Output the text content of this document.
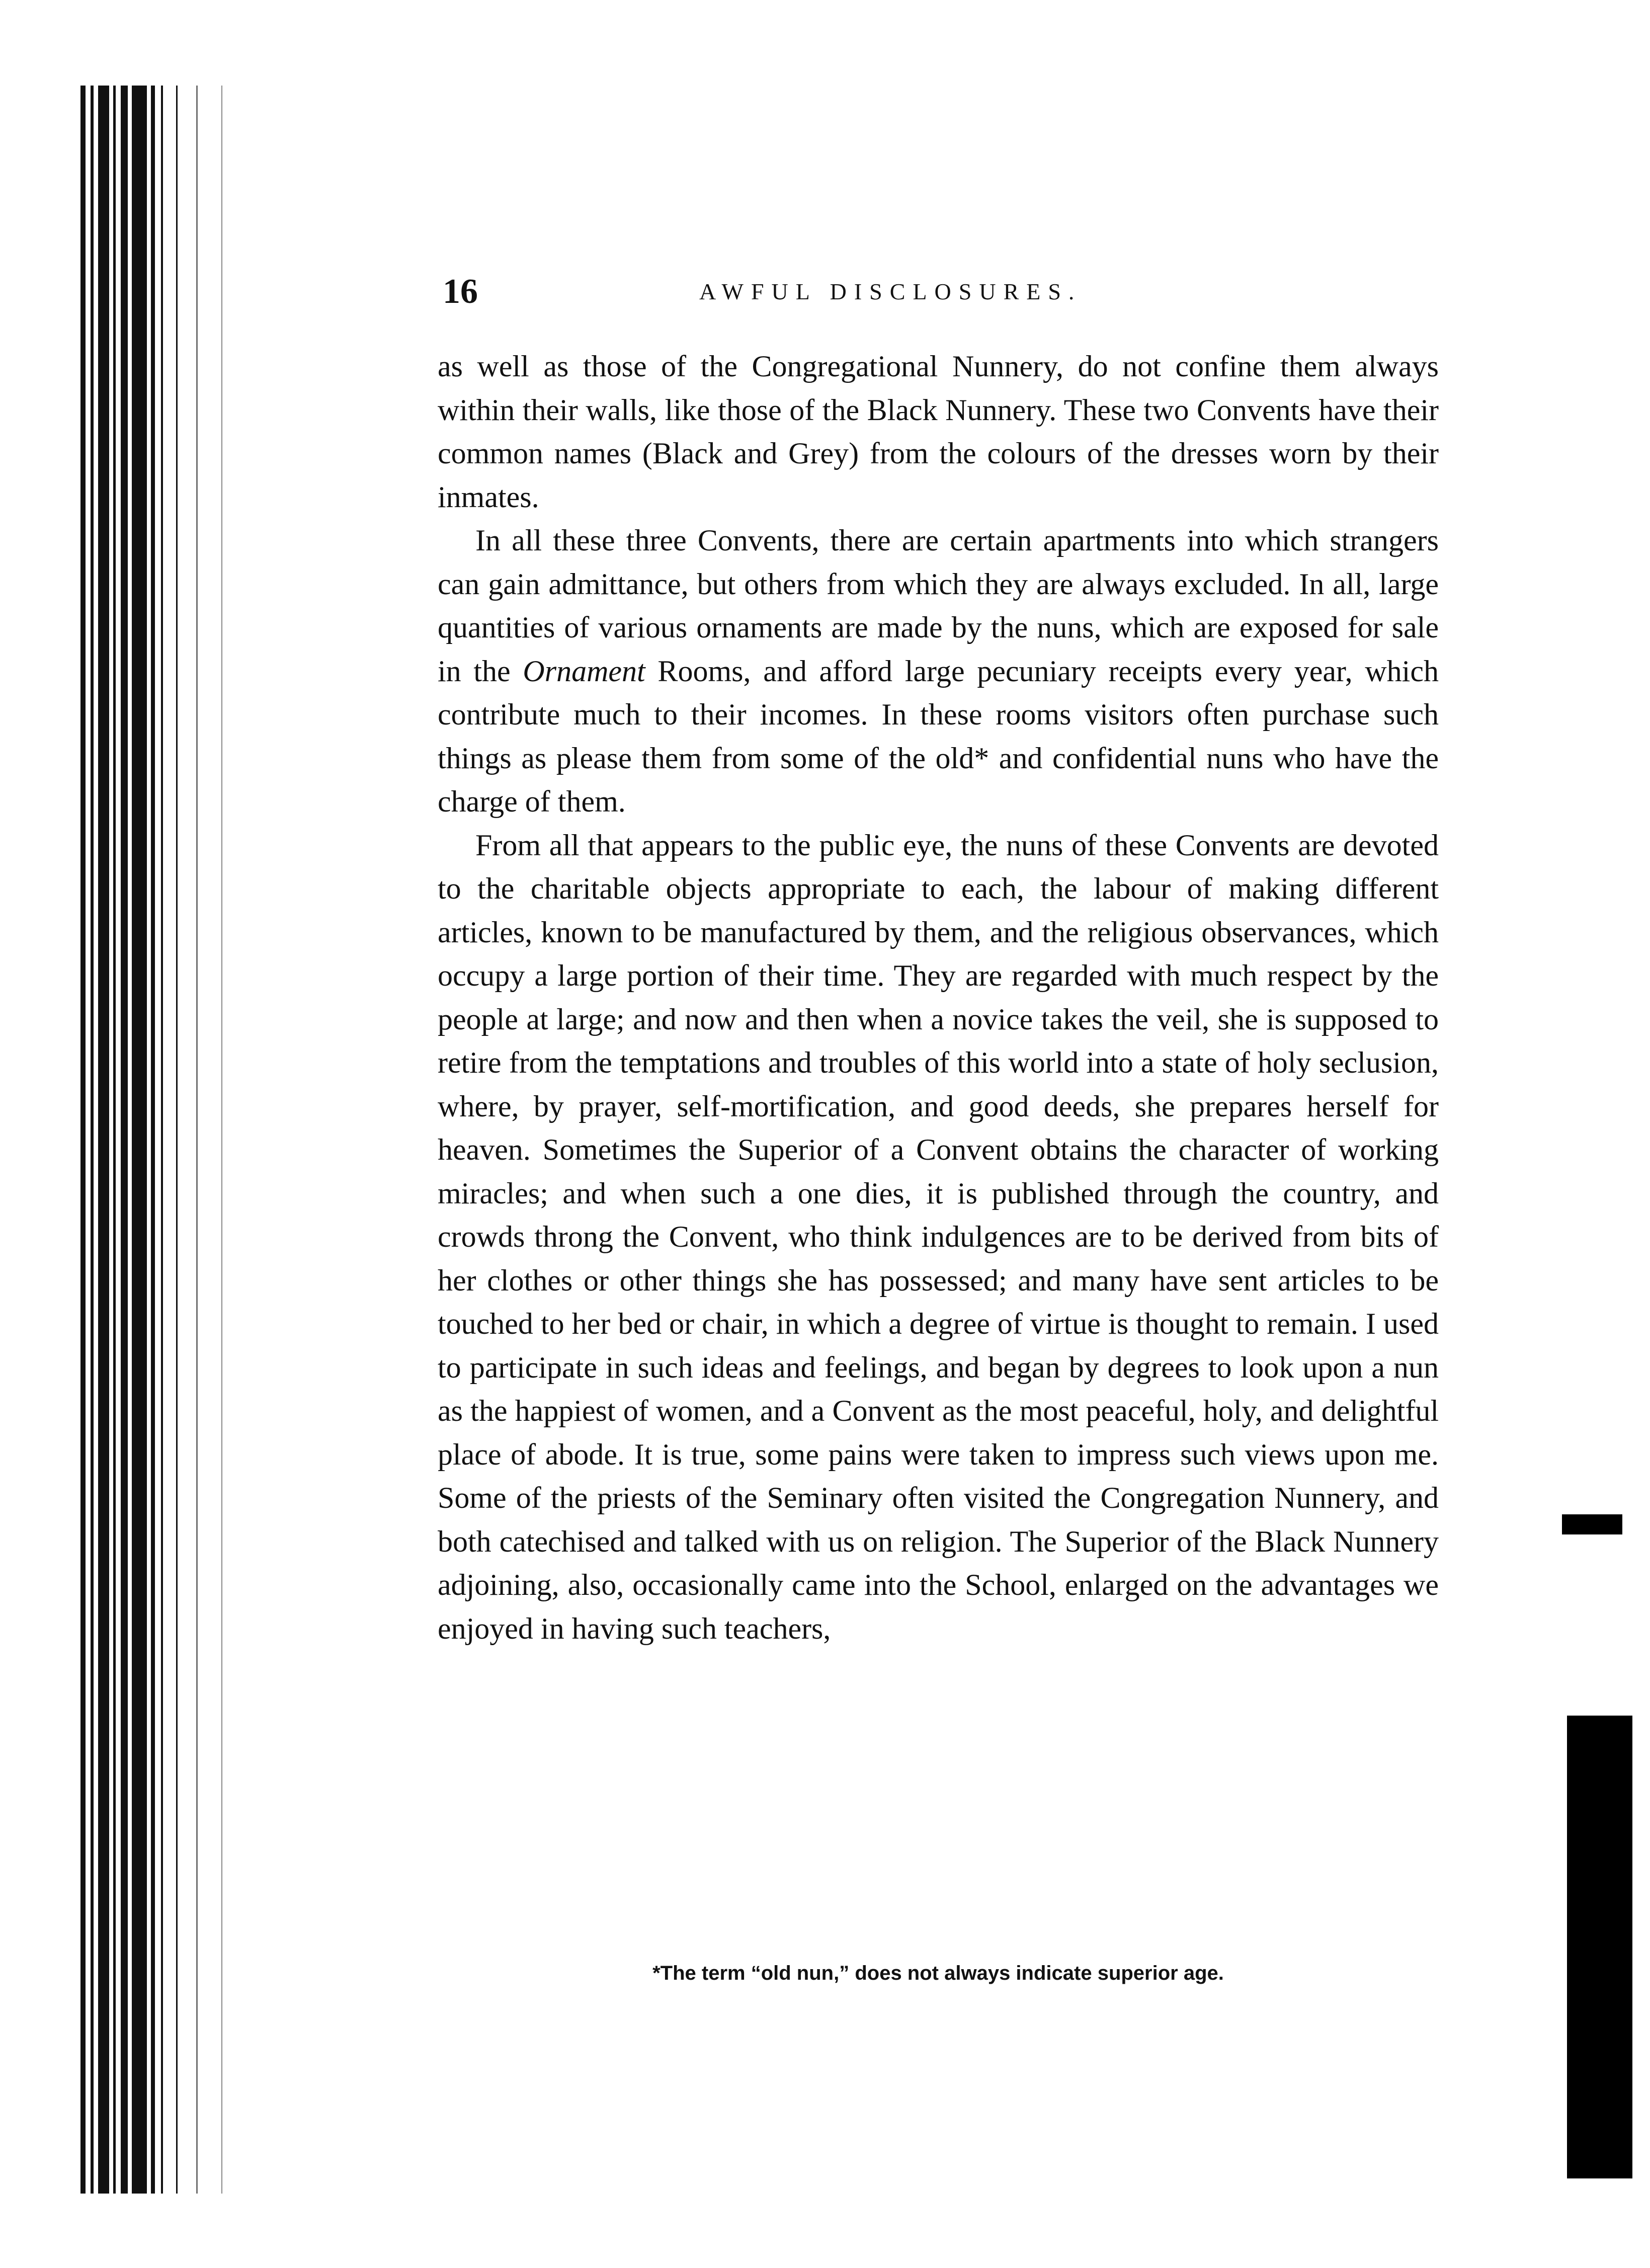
16	AWFUL DISCLOSURES.

as well as those of the Congregational Nunnery, do not confine them always within their walls, like those of the Black Nunnery. These two Convents have their common names (Black and Grey) from the colours of the dresses worn by their inmates.

In all these three Convents, there are certain apartments into which strangers can gain admittance, but others from which they are always excluded. In all, large quantities of various ornaments are made by the nuns, which are exposed for sale in the Ornament Rooms, and afford large pecuniary receipts every year, which contribute much to their incomes. In these rooms visitors often purchase such things as please them from some of the old* and confidential nuns who have the charge of them.

From all that appears to the public eye, the nuns of these Convents are devoted to the charitable objects appropriate to each, the labour of making different articles, known to be manufactured by them, and the religious observances, which occupy a large portion of their time. They are regarded with much respect by the people at large; and now and then when a novice takes the veil, she is supposed to retire from the temptations and troubles of this world into a state of holy seclusion, where, by prayer, self-mortification, and good deeds, she prepares herself for heaven. Sometimes the Superior of a Convent obtains the character of working miracles; and when such a one dies, it is published through the country, and crowds throng the Convent, who think indulgences are to be derived from bits of her clothes or other things she has possessed; and many have sent articles to be touched to her bed or chair, in which a degree of virtue is thought to remain. I used to participate in such ideas and feelings, and began by degrees to look upon a nun as the happiest of women, and a Convent as the most peaceful, holy, and delightful place of abode. It is true, some pains were taken to impress such views upon me. Some of the priests of the Seminary often visited the Congregation Nunnery, and both catechised and talked with us on religion. The Superior of the Black Nunnery adjoining, also, occasionally came into the School, enlarged on the advantages we enjoyed in having such teachers,

*The term “old nun,” does not always indicate superior age.
